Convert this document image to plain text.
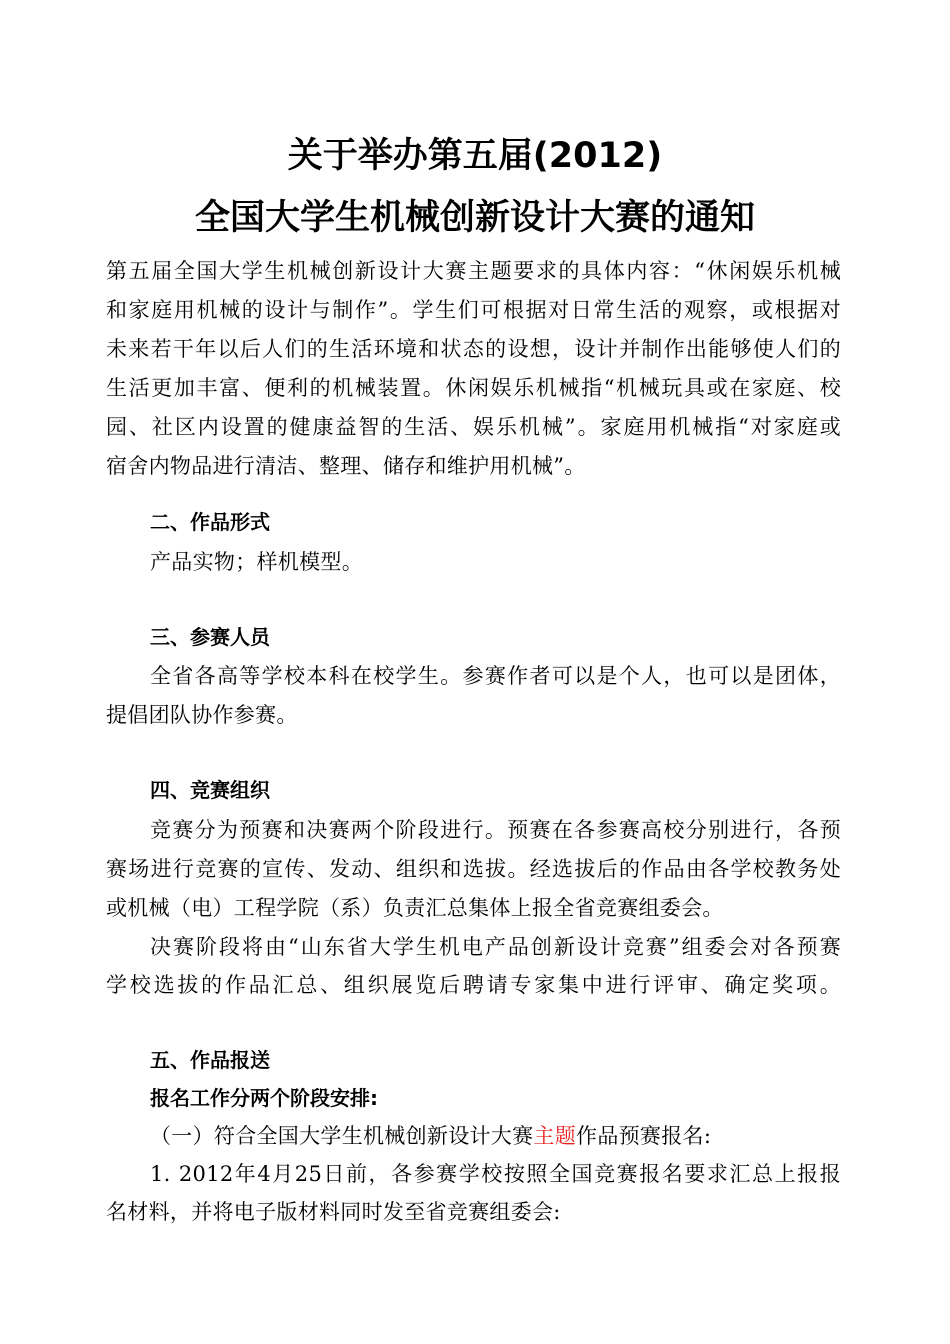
关于举办第五届(2012)
全国大学生机械创新设计大赛的通知
第五届全国大学生机械创新设计大赛主题要求的具体内容：“休闲娱乐机械
和家庭用机械的设计与制作”。学生们可根据对日常生活的观察，或根据对
未来若干年以后人们的生活环境和状态的设想，设计并制作出能够使人们的
生活更加丰富、便利的机械装置。休闲娱乐机械指“机械玩具或在家庭、校
园、社区内设置的健康益智的生活、娱乐机械”。家庭用机械指“对家庭或
宿舍内物品进行清洁、整理、储存和维护用机械”。
二、作品形式
产品实物；样机模型。
三、参赛人员
全省各高等学校本科在校学生。参赛作者可以是个人，也可以是团体，
提倡团队协作参赛。
四、竞赛组织
竞赛分为预赛和决赛两个阶段进行。预赛在各参赛高校分别进行，各预
赛场进行竞赛的宣传、发动、组织和选拔。经选拔后的作品由各学校教务处
或机械（电）工程学院（系）负责汇总集体上报全省竞赛组委会。
决赛阶段将由“山东省大学生机电产品创新设计竞赛”组委会对各预赛
学校选拔的作品汇总、组织展览后聘请专家集中进行评审、确定奖项。
五、作品报送
报名工作分两个阶段安排:
（一）符合全国大学生机械创新设计大赛主题作品预赛报名:
1. 2012年4月25日前，各参赛学校按照全国竞赛报名要求汇总上报报
名材料，并将电子版材料同时发至省竞赛组委会:
